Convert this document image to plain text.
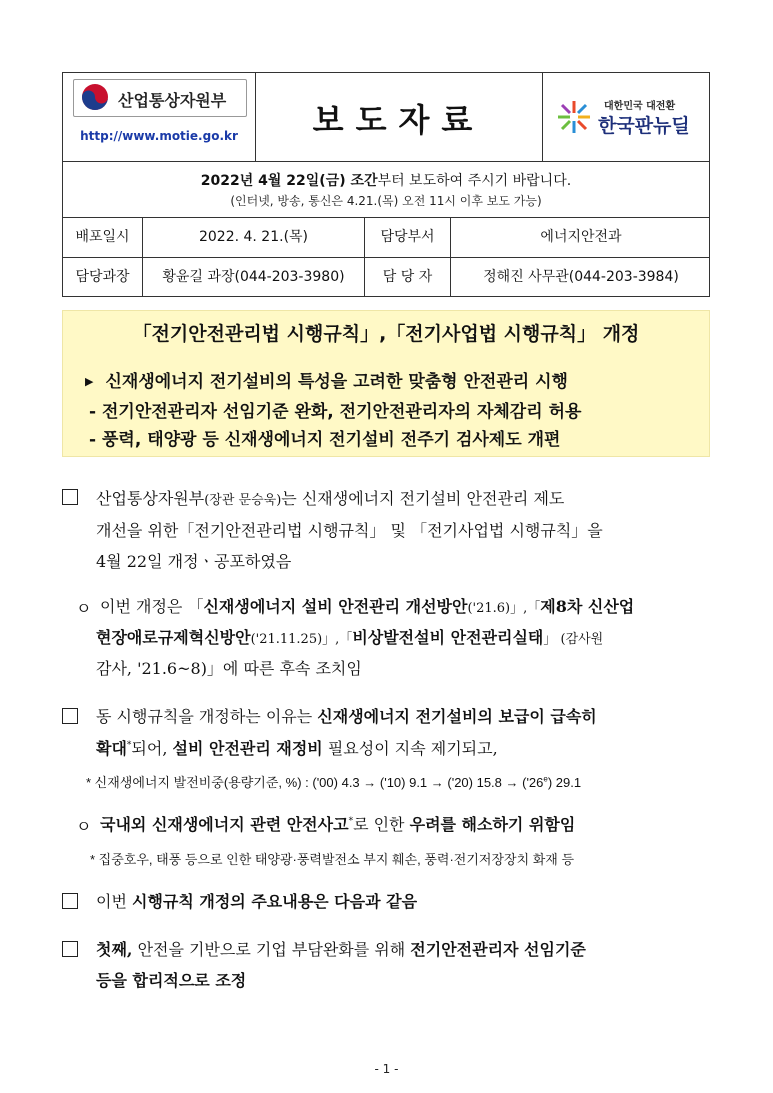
산업통상자원부
http://www.motie.go.kr	보도자료	대한민국 대전환
한국판뉴딜
2022년 4월 22일(금) 조간부터 보도하여 주시기 바랍니다.
(인터넷, 방송, 통신은 4.21.(목) 오전 11시 이후 보도 가능)
배포일시	2022. 4. 21.(목)	담당부서	에너지안전과
담당과장	황윤길 과장(044-203-3980)	담 당 자	정해진 사무관(044-203-3984)
「전기안전관리법 시행규칙」,「전기사업법 시행규칙」 개정
▶ 신재생에너지 전기설비의 특성을 고려한 맞춤형 안전관리 시행
- 전기안전관리자 선임기준 완화, 전기안전관리자의 자체감리 허용
- 풍력, 태양광 등 신재생에너지 전기설비 전주기 검사제도 개편
산업통상자원부(장관 문승욱)는 신재생에너지 전기설비 안전관리 제도
개선을 위한「전기안전관리법 시행규칙」 및 「전기사업법 시행규칙」을
4월 22일 개정ㆍ공포하였음
ㅇ 이번 개정은 「신재생에너지 설비 안전관리 개선방안('21.6)」,「제8차 신산업
현장애로규제혁신방안('21.11.25)」,「비상발전설비 안전관리실태」 (감사원
감사, '21.6~8)」에 따른 후속 조치임
동 시행규칙을 개정하는 이유는 신재생에너지 전기설비의 보급이 급속히
확대*되어, 설비 안전관리 재정비 필요성이 지속 제기되고,
* 신재생에너지 발전비중(용량기준, %) : ('00) 4.3 → ('10) 9.1 → ('20) $15.8 \to ('26^e)$ 29.1
ㅇ 국내외 신재생에너지 관련 안전사고*로 인한 우려를 해소하기 위함임
* 집중호우, 태풍 등으로 인한 태양광·풍력발전소 부지 훼손, 풍력·전기저장장치 화재 등
이번 시행규칙 개정의 주요내용은 다음과 같음
첫째, 안전을 기반으로 기업 부담완화를 위해 전기안전관리자 선임기준
등을 합리적으로 조정
- 1 -
